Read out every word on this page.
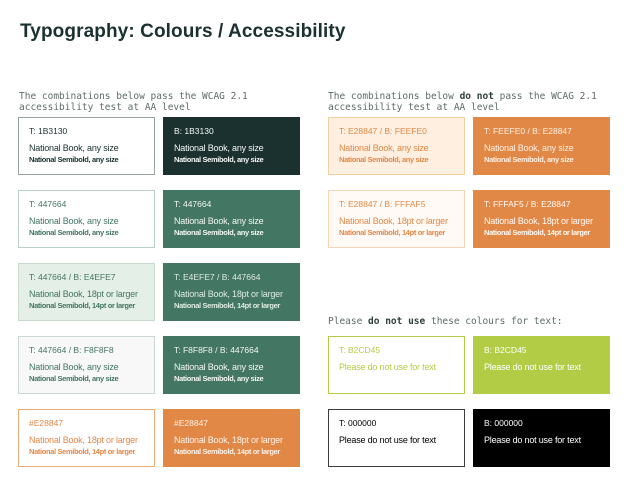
Typography: Colours / Accessibility

The combinations below pass the WCAG 2.1 accessibility test at AA level

The combinations below do not pass the WCAG 2.1 accessibility test at AA level

Please do not use these colours for text:

T: 1B3130
National Book, any size
National Semibold, any size
B: 1B3130
National Book, any size
National Semibold, any size
T: 447664
National Book, any size
National Semibold, any size
T: 447664
National Book, any size
National Semibold, any size
T: 447664 / B: E4EFE7
National Book, 18pt or larger
National Semibold, 14pt or larger
T: E4EFE7 / B: 447664
National Book, 18pt or larger
National Semibold, 14pt or larger
T: 447664 / B: F8F8F8
National Book, any size
National Semibold, any size
T: F8F8F8 / B: 447664
National Book, any size
National Semibold, any size
#E28847
National Book, 18pt or larger
National Semibold, 14pt or larger
#E28847
National Book, 18pt or larger
National Semibold, 14pt or larger
T: E28847 / B: FEEFE0
National Book, any size
National Semibold, any size
T: FEEFE0 / B: E28847
National Book, any size
National Semibold, any size
T: E28847 / B: FFFAF5
National Book, 18pt or larger
National Semibold, 14pt or larger
T: FFFAF5 / B: E28847
National Book, 18pt or larger
National Semibold, 14pt or larger
T: B2CD45
Please do not use for text
B: B2CD45
Please do not use for text
T: 000000
Please do not use for text
B: 000000
Please do not use for text
